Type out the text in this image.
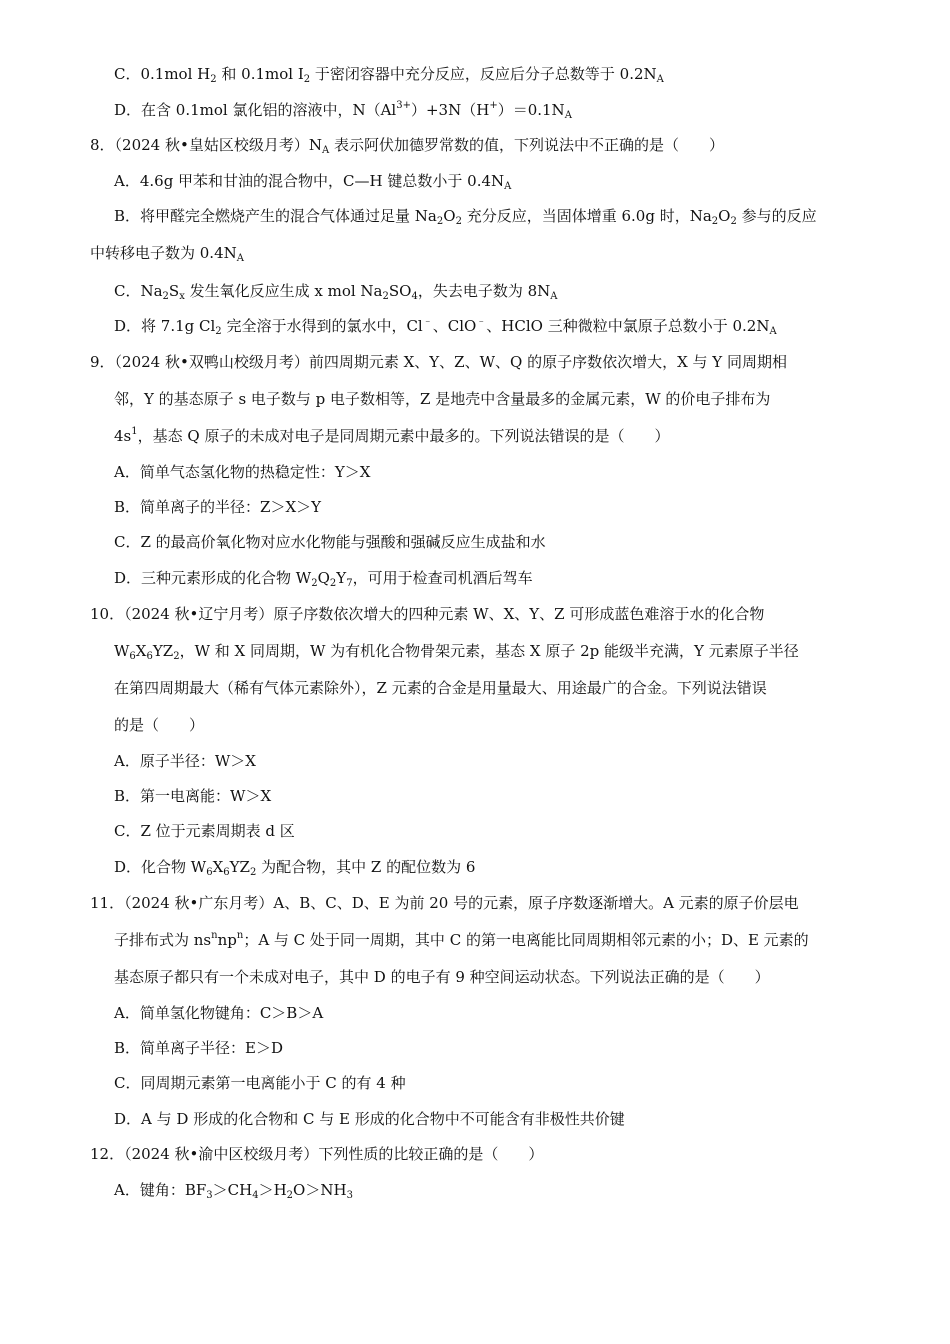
C．0.1mol $H_2$ 和 0.1mol $I_2$ 于密闭容器中充分反应，反应后分子总数等于 $0.2N_A$
D．在含 0.1mol 氯化铝的溶液中，$N(Al^{3+})+3N(H^+)=0.1N_A$
8．（2024 秋•皇姑区校级月考）$N_A$ 表示阿伏加德罗常数的值，下列说法中不正确的是（　　）
A．4.6g 甲苯和甘油的混合物中，C—H 键总数小于 $0.4N_A$
B．将甲醛完全燃烧产生的混合气体通过足量 $Na_2O_2$ 充分反应，当固体增重 6.0g 时，$Na_2O_2$ 参与的反应
中转移电子数为 $0.4N_A$
C．$Na_2S_x$ 发生氧化反应生成 x mol $Na_2SO_4$，失去电子数为 $8N_A$
D．将 7.1g $Cl_2$ 完全溶于水得到的氯水中，Cl﹣、ClO﹣、HClO 三种微粒中氯原子总数小于 $0.2N_A$
9．（2024 秋•双鸭山校级月考）前四周期元素 X、Y、Z、W、Q 的原子序数依次增大，X 与 Y 同周期相
邻，Y 的基态原子 s 电子数与 p 电子数相等，Z 是地壳中含量最多的金属元素，W 的价电子排布为
$4s^1$，基态 Q 原子的未成对电子是同周期元素中最多的。下列说法错误的是（　　）
A．简单气态氢化物的热稳定性：Y＞X
B．简单离子的半径：Z＞X＞Y
C．Z 的最高价氧化物对应水化物能与强酸和强碱反应生成盐和水
D．三种元素形成的化合物 $W_2Q_2Y_7$，可用于检查司机酒后驾车
10．（2024 秋•辽宁月考）原子序数依次增大的四种元素 W、X、Y、Z 可形成蓝色难溶于水的化合物
$W_6X_6YZ_2$，W 和 X 同周期，W 为有机化合物骨架元素，基态 X 原子 2p 能级半充满，Y 元素原子半径
在第四周期最大（稀有气体元素除外），Z 元素的合金是用量最大、用途最广的合金。下列说法错误
的是（　　）
A．原子半径：W＞X
B．第一电离能：W＞X
C．Z 位于元素周期表 d 区
D．化合物 $W_6X_6YZ_2$ 为配合物，其中 Z 的配位数为 6
11．（2024 秋•广东月考）A、B、C、D、E 为前 20 号的元素，原子序数逐渐增大。A 元素的原子价层电
子排布式为 $ns^nnp^n$；A 与 C 处于同一周期，其中 C 的第一电离能比同周期相邻元素的小；D、E 元素的
基态原子都只有一个未成对电子，其中 D 的电子有 9 种空间运动状态。下列说法正确的是（　　）
A．简单氢化物键角：C＞B＞A
B．简单离子半径：E＞D
C．同周期元素第一电离能小于 C 的有 4 种
D．A 与 D 形成的化合物和 C 与 E 形成的化合物中不可能含有非极性共价键
12．（2024 秋•渝中区校级月考）下列性质的比较正确的是（　　）
A．键角：$BF_3>CH_4>H_2O>NH_3$
